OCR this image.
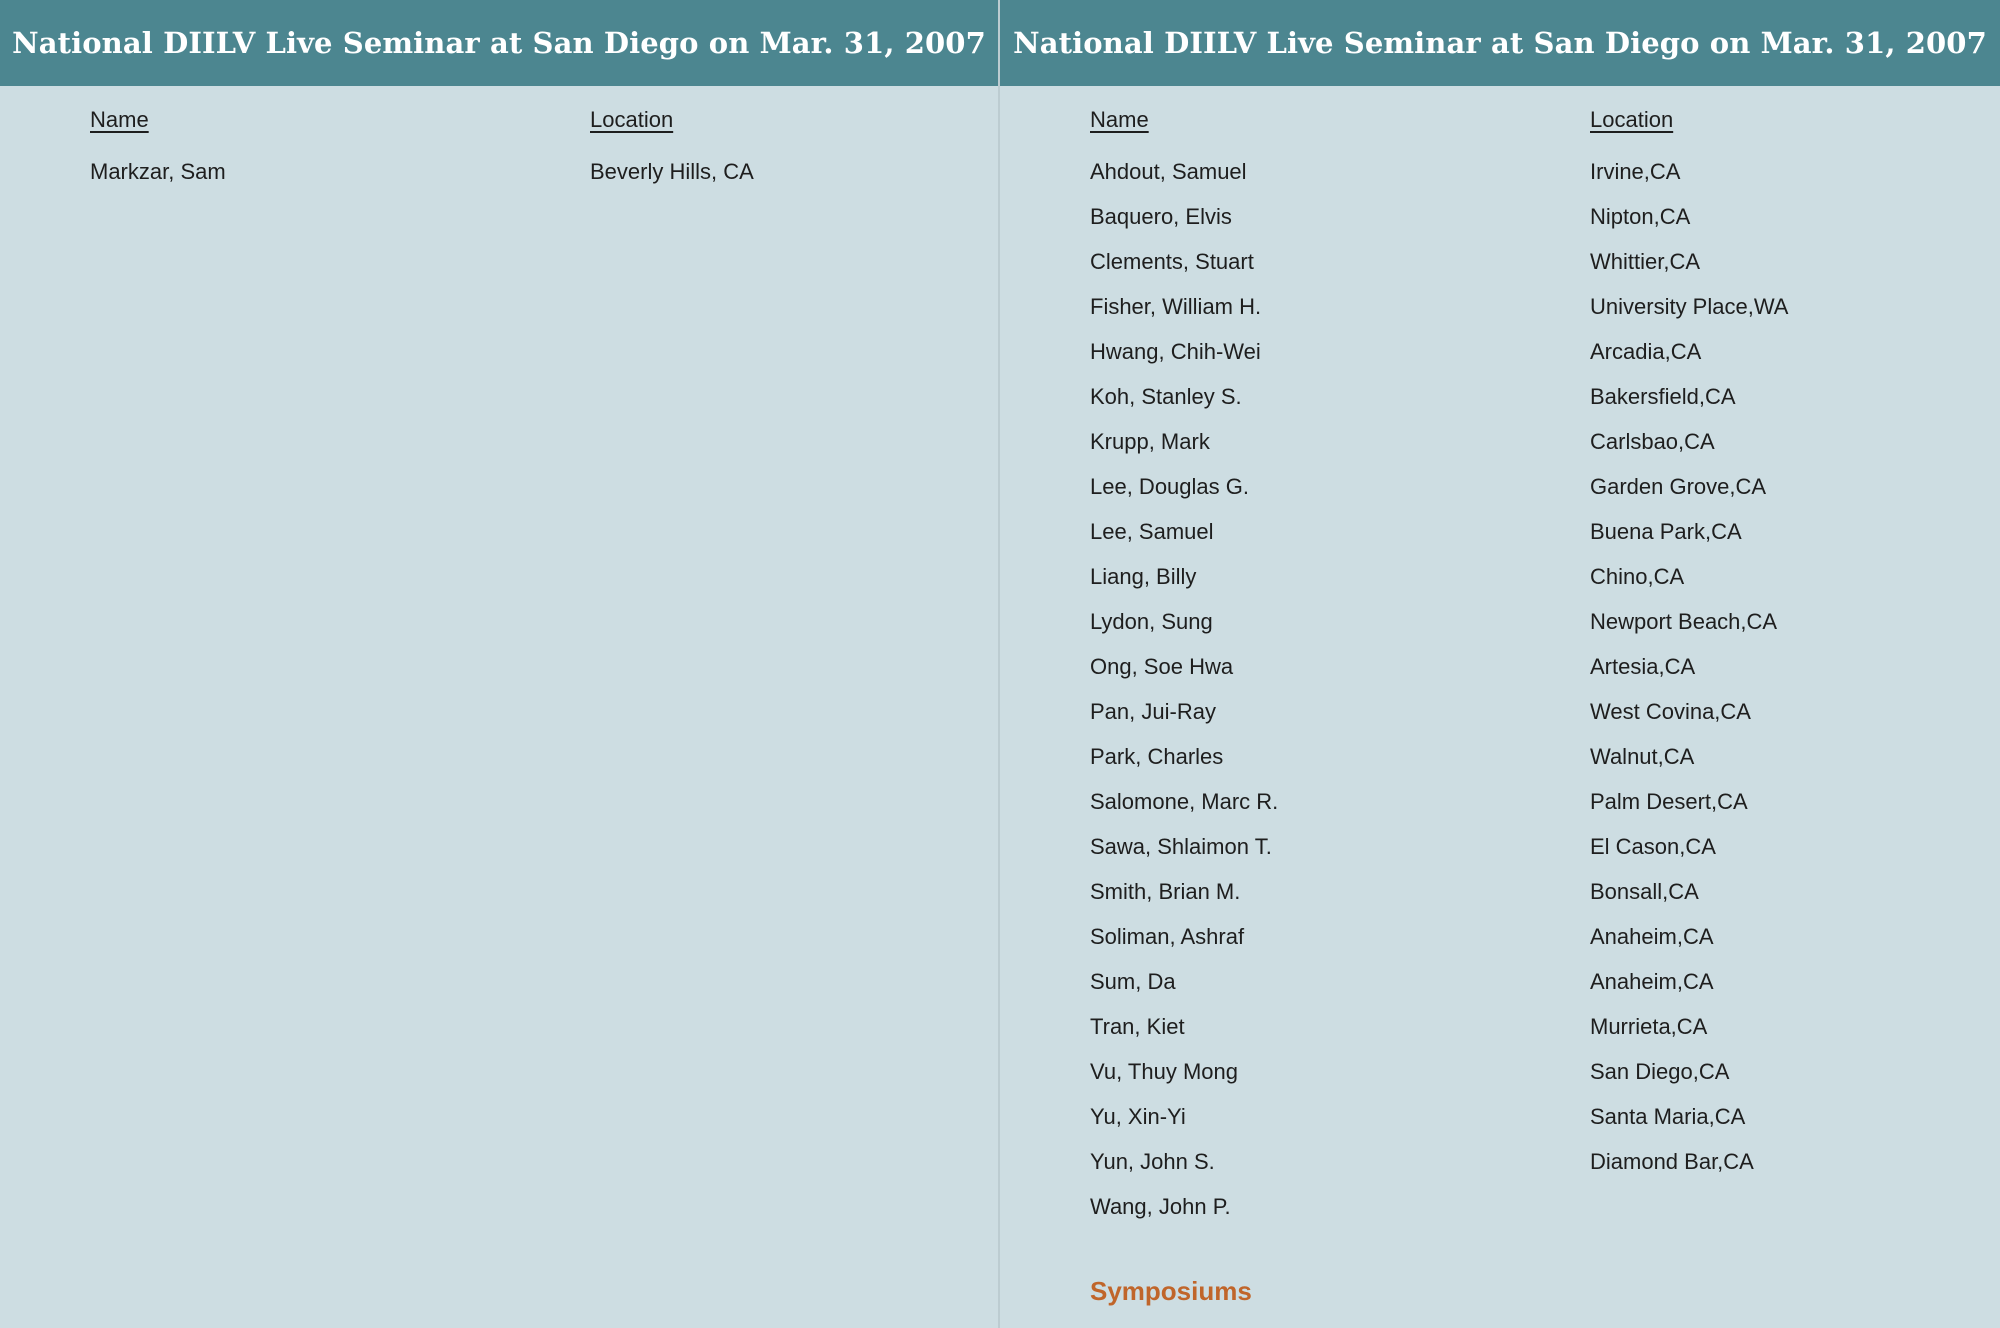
National DIILV Live Seminar at San Diego on Mar. 31, 2007
Name	Location
Markzar, Sam	Beverly Hills, CA
National DIILV Live Seminar at San Diego on Mar. 31, 2007
Name	Location
Ahdout, Samuel	Irvine,CA
Baquero, Elvis	Nipton,CA
Clements, Stuart	Whittier,CA
Fisher, William H.	University Place,WA
Hwang, Chih-Wei	Arcadia,CA
Koh, Stanley S.	Bakersfield,CA
Krupp, Mark	Carlsbao,CA
Lee, Douglas G.	Garden Grove,CA
Lee, Samuel	Buena Park,CA
Liang, Billy	Chino,CA
Lydon, Sung	Newport Beach,CA
Ong, Soe Hwa	Artesia,CA
Pan, Jui-Ray	West Covina,CA
Park, Charles	Walnut,CA
Salomone, Marc R.	Palm Desert,CA
Sawa, Shlaimon T.	El Cason,CA
Smith, Brian M.	Bonsall,CA
Soliman, Ashraf	Anaheim,CA
Sum, Da	Anaheim,CA
Tran, Kiet	Murrieta,CA
Vu, Thuy Mong	San Diego,CA
Yu, Xin-Yi	Santa Maria,CA
Yun, John S.	Diamond Bar,CA
Wang, John P.
Symposiums
